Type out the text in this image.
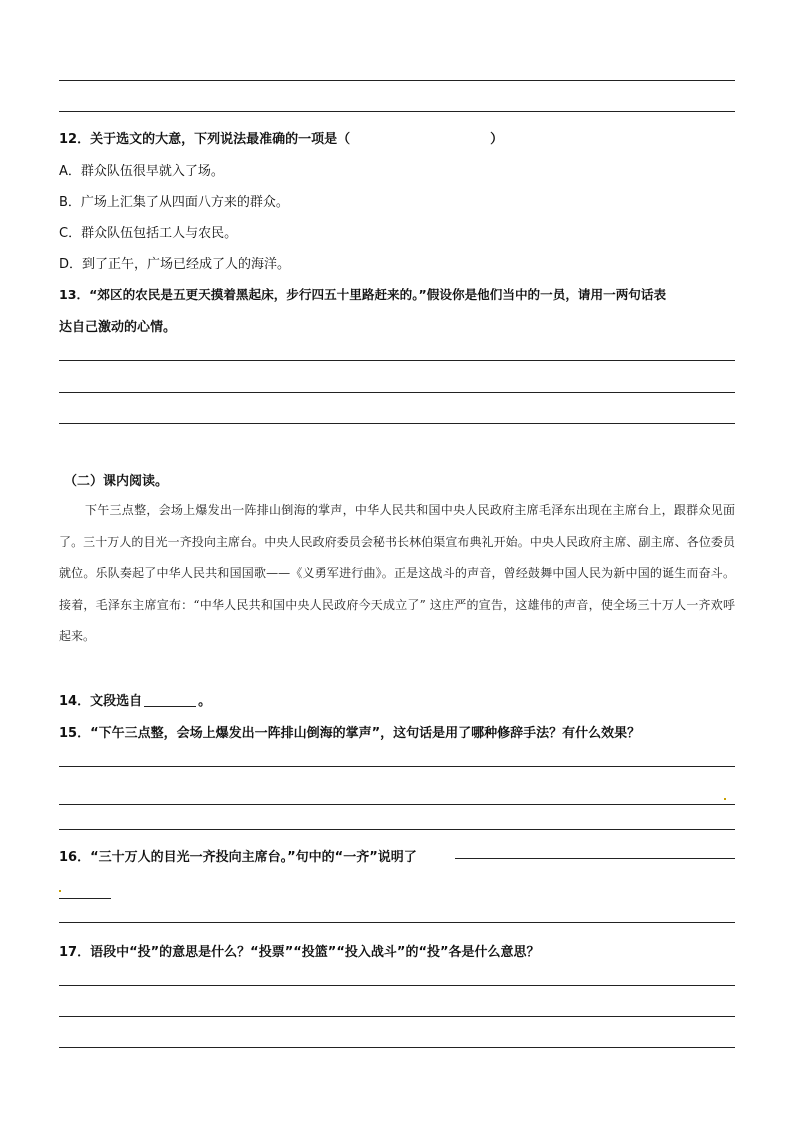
12．关于选文的大意，下列说法最准确的一项是（	）
A．群众队伍很早就入了场。
B．广场上汇集了从四面八方来的群众。
C．群众队伍包括工人与农民。
D．到了正午，广场已经成了人的海洋。
13．“郊区的农民是五更天摸着黑起床，步行四五十里路赶来的。”假设你是他们当中的一员，请用一两句话表
达自己激动的心情。
（二）课内阅读。

下午三点整，会场上爆发出一阵排山倒海的掌声，中华人民共和国中央人民政府主席毛泽东出现在主席台上，跟群众见面了。三十万人的目光一齐投向主席台。中央人民政府委员会秘书长林伯渠宣布典礼开始。中央人民政府主席、副主席、各位委员就位。乐队奏起了中华人民共和国国歌——《义勇军进行曲》。正是这战斗的声音，曾经鼓舞中国人民为新中国的诞生而奋斗。接着，毛泽东主席宣布：“中华人民共和国中央人民政府今天成立了” 这庄严的宣告，这雄伟的声音，使全场三十万人一齐欢呼起来。

14．文段选自	。
15．“下午三点整，会场上爆发出一阵排山倒海的掌声”，这句话是用了哪种修辞手法？有什么效果？
16．“三十万人的目光一齐投向主席台。”句中的“一齐”说明了
17．语段中“投”的意思是什么？“投票”“投篮”“投入战斗”的“投”各是什么意思？
